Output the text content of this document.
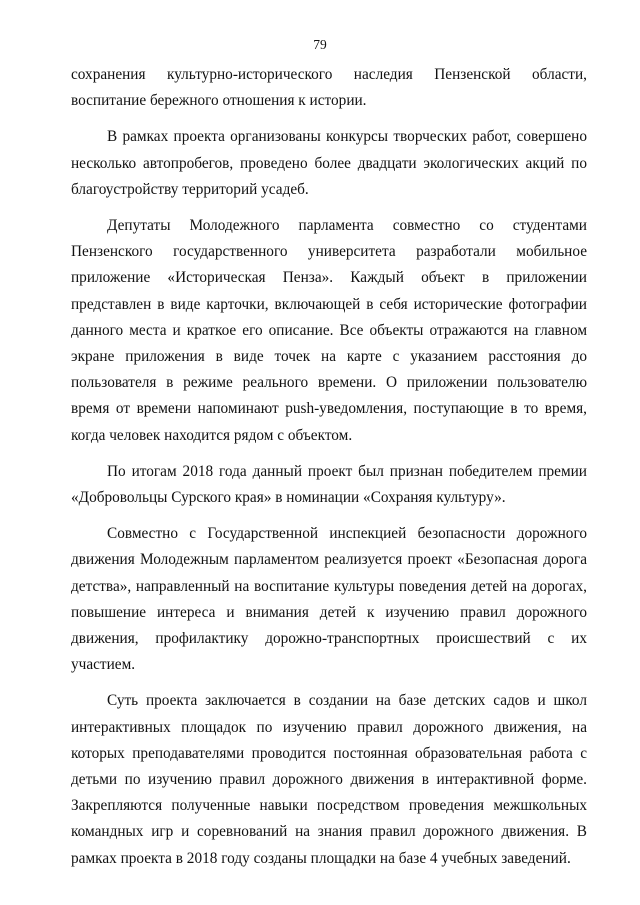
79

сохранения культурно-исторического наследия Пензенской области, воспитание бережного отношения к истории.

В рамках проекта организованы конкурсы творческих работ, совершено несколько автопробегов, проведено более двадцати экологических акций по благоустройству территорий усадеб.

Депутаты Молодежного парламента совместно со студентами Пензенского государственного университета разработали мобильное приложение «Историческая Пенза». Каждый объект в приложении представлен в виде карточки, включающей в себя исторические фотографии данного места и краткое его описание. Все объекты отражаются на главном экране приложения в виде точек на карте с указанием расстояния до пользователя в режиме реального времени. О приложении пользователю время от времени напоминают push-уведомления, поступающие в то время, когда человек находится рядом с объектом.

По итогам 2018 года данный проект был признан победителем премии «Добровольцы Сурского края» в номинации «Сохраняя культуру».

Совместно с Государственной инспекцией безопасности дорожного движения Молодежным парламентом реализуется проект «Безопасная дорога детства», направленный на воспитание культуры поведения детей на дорогах, повышение интереса и внимания детей к изучению правил дорожного движения, профилактику дорожно-транспортных происшествий с их участием.

Суть проекта заключается в создании на базе детских садов и школ интерактивных площадок по изучению правил дорожного движения, на которых преподавателями проводится постоянная образовательная работа с детьми по изучению правил дорожного движения в интерактивной форме. Закрепляются полученные навыки посредством проведения межшкольных командных игр и соревнований на знания правил дорожного движения. В рамках проекта в 2018 году созданы площадки на базе 4 учебных заведений.
